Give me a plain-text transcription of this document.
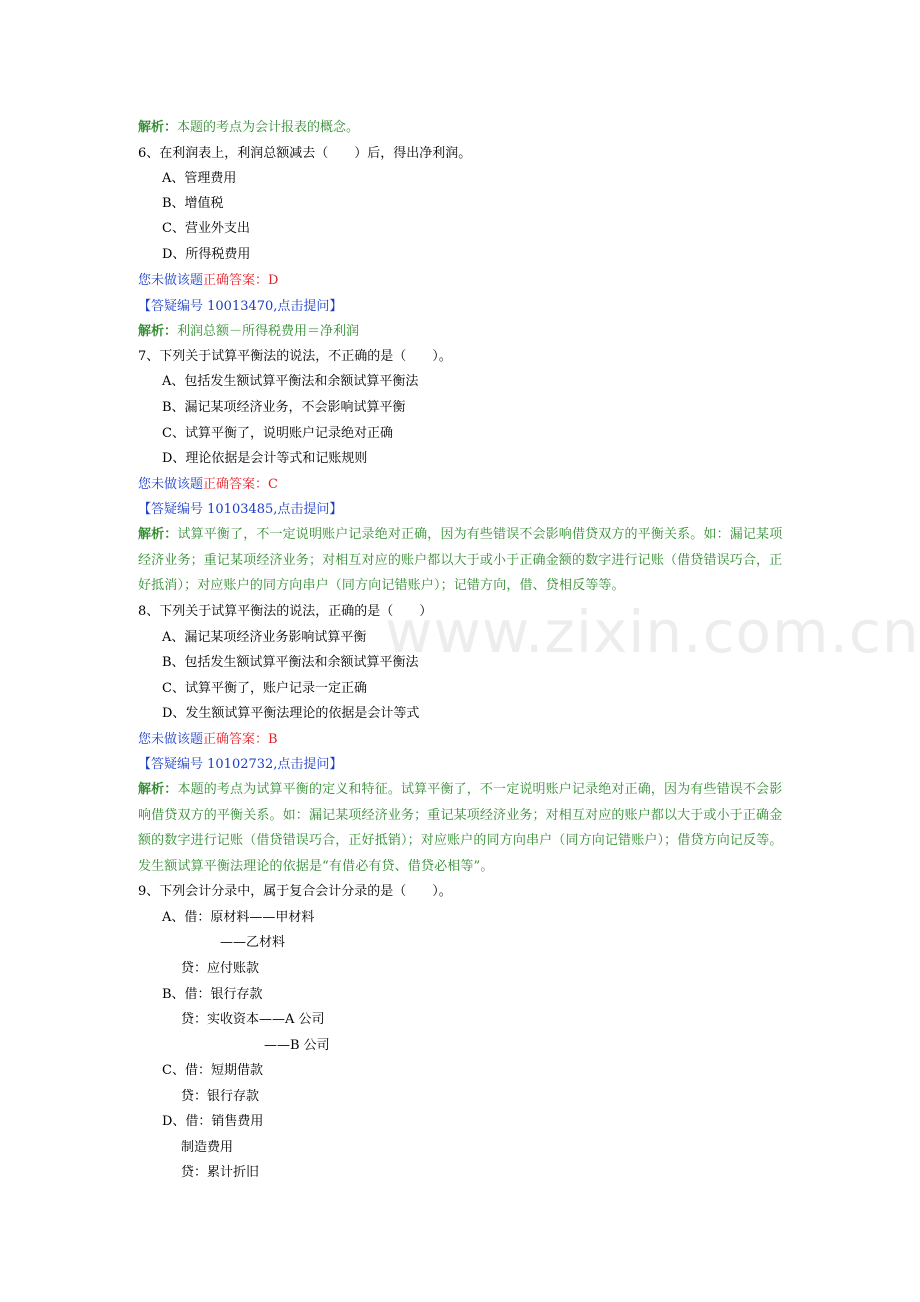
解析：本题的考点为会计报表的概念。
6、在利润表上，利润总额减去（　　）后，得出净利润。
A、管理费用
B、增值税
C、营业外支出
D、所得税费用
您未做该题正确答案：D
【答疑编号 10013470,点击提问】
解析：利润总额－所得税费用＝净利润
7、下列关于试算平衡法的说法，不正确的是（　　）。
A、包括发生额试算平衡法和余额试算平衡法
B、漏记某项经济业务，不会影响试算平衡
C、试算平衡了，说明账户记录绝对正确
D、理论依据是会计等式和记账规则
您未做该题正确答案：C
【答疑编号 10103485,点击提问】
解析：试算平衡了，不一定说明账户记录绝对正确，因为有些错误不会影响借贷双方的平衡关系。如：漏记某项经济业务；重记某项经济业务；对相互对应的账户都以大于或小于正确金额的数字进行记账（借贷错误巧合，正好抵消）；对应账户的同方向串户（同方向记错账户）；记错方向，借、贷相反等等。
8、下列关于试算平衡法的说法，正确的是（　　）
A、漏记某项经济业务影响试算平衡
B、包括发生额试算平衡法和余额试算平衡法
C、试算平衡了，账户记录一定正确
D、发生额试算平衡法理论的依据是会计等式
您未做该题正确答案：B
【答疑编号 10102732,点击提问】
解析：本题的考点为试算平衡的定义和特征。试算平衡了，不一定说明账户记录绝对正确，因为有些错误不会影响借贷双方的平衡关系。如：漏记某项经济业务；重记某项经济业务；对相互对应的账户都以大于或小于正确金额的数字进行记账（借贷错误巧合，正好抵销）；对应账户的同方向串户（同方向记错账户）；借贷方向记反等。发生额试算平衡法理论的依据是“有借必有贷、借贷必相等”。
9、下列会计分录中，属于复合会计分录的是（　　）。
A、借：原材料——甲材料
——乙材料
贷：应付账款
B、借：银行存款
贷：实收资本——A 公司
——B 公司
C、借：短期借款
贷：银行存款
D、借：销售费用
制造费用
贷：累计折旧
www.zixin.com.cn
